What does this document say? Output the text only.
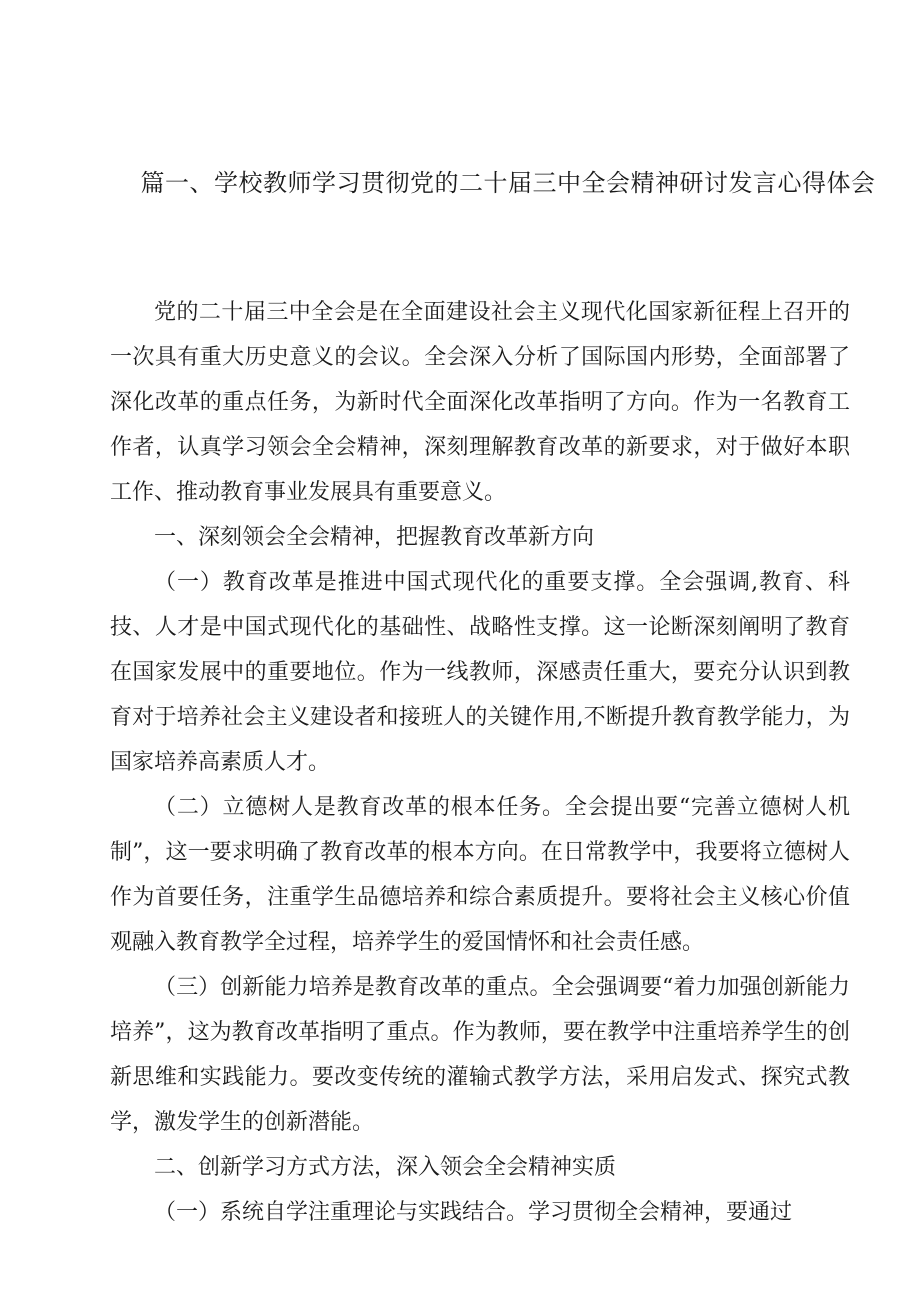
篇一、学校教师学习贯彻党的二十届三中全会精神研讨发言心得体会

党的二十届三中全会是在全面建设社会主义现代化国家新征程上召开的一次具有重大历史意义的会议。全会深入分析了国际国内形势，全面部署了深化改革的重点任务，为新时代全面深化改革指明了方向。作为一名教育工作者，认真学习领会全会精神，深刻理解教育改革的新要求，对于做好本职工作、推动教育事业发展具有重要意义。

一、深刻领会全会精神，把握教育改革新方向

（一）教育改革是推进中国式现代化的重要支撑。全会强调,教育、科技、人才是中国式现代化的基础性、战略性支撑。这一论断深刻阐明了教育在国家发展中的重要地位。作为一线教师，深感责任重大，要充分认识到教育对于培养社会主义建设者和接班人的关键作用,不断提升教育教学能力，为国家培养高素质人才。

（二）立德树人是教育改革的根本任务。全会提出要“完善立德树人机制”，这一要求明确了教育改革的根本方向。在日常教学中，我要将立德树人作为首要任务，注重学生品德培养和综合素质提升。要将社会主义核心价值观融入教育教学全过程，培养学生的爱国情怀和社会责任感。

（三）创新能力培养是教育改革的重点。全会强调要“着力加强创新能力培养”，这为教育改革指明了重点。作为教师，要在教学中注重培养学生的创新思维和实践能力。要改变传统的灌输式教学方法，采用启发式、探究式教学，激发学生的创新潜能。

二、创新学习方式方法，深入领会全会精神实质

（一）系统自学注重理论与实践结合。学习贯彻全会精神，要通过
